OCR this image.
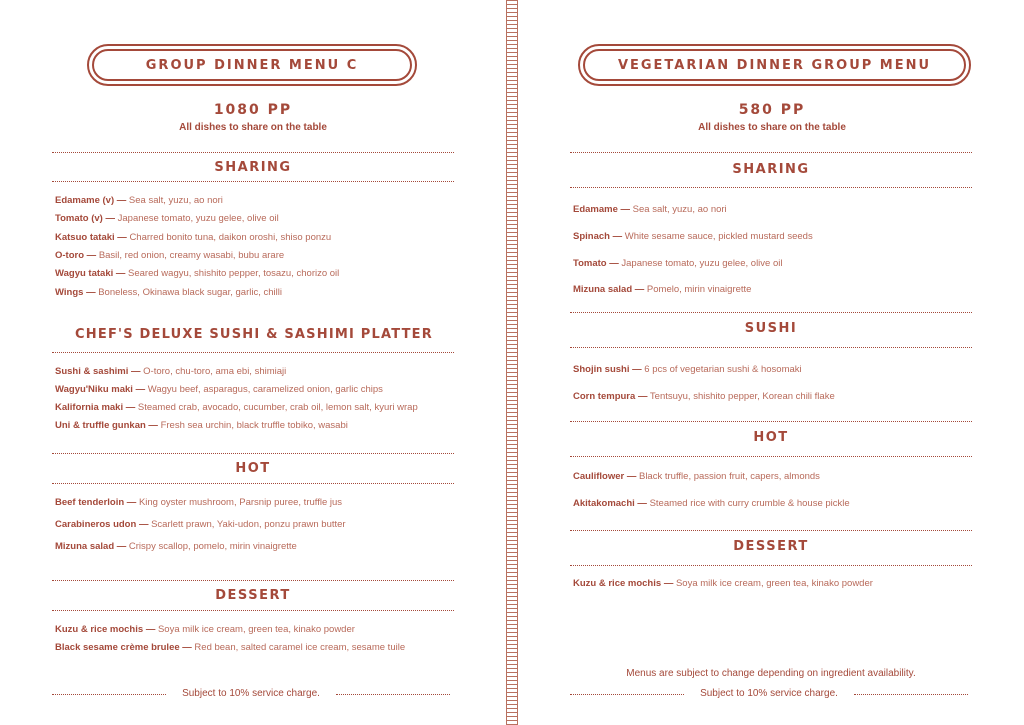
GROUP DINNER MENU C
1080 PP
All dishes to share on the table
SHARING
Edamame (v) — Sea salt, yuzu, ao nori
Tomato (v) — Japanese tomato, yuzu gelee, olive oil
Katsuo tataki — Charred bonito tuna, daikon oroshi, shiso ponzu
O-toro — Basil, red onion, creamy wasabi, bubu arare
Wagyu tataki — Seared wagyu, shishito pepper, tosazu, chorizo oil
Wings — Boneless, Okinawa black sugar, garlic, chilli
CHEF'S DELUXE SUSHI & SASHIMI PLATTER
Sushi & sashimi — O-toro, chu-toro, ama ebi, shimiaji
Wagyu'Niku maki — Wagyu beef, asparagus, caramelized onion, garlic chips
Kalifornia maki — Steamed crab, avocado, cucumber, crab oil, lemon salt, kyuri wrap
Uni & truffle gunkan — Fresh sea urchin, black truffle tobiko, wasabi
HOT
Beef tenderloin — King oyster mushroom, Parsnip puree, truffle jus
Carabineros udon — Scarlett prawn, Yaki-udon, ponzu prawn butter
Mizuna salad — Crispy scallop, pomelo, mirin vinaigrette
DESSERT
Kuzu & rice mochis — Soya milk ice cream, green tea, kinako powder
Black sesame crème brulee — Red bean, salted caramel ice cream, sesame tuile
Subject to 10% service charge.
VEGETARIAN DINNER GROUP MENU
580 PP
All dishes to share on the table
SHARING
Edamame — Sea salt, yuzu, ao nori
Spinach — White sesame sauce, pickled mustard seeds
Tomato — Japanese tomato, yuzu gelee, olive oil
Mizuna salad — Pomelo, mirin vinaigrette
SUSHI
Shojin sushi — 6 pcs of vegetarian sushi & hosomaki
Corn tempura — Tentsuyu, shishito pepper, Korean chili flake
HOT
Cauliflower — Black truffle, passion fruit, capers, almonds
Akitakomachi — Steamed rice with curry crumble & house pickle
DESSERT
Kuzu & rice mochis — Soya milk ice cream, green tea, kinako powder
Menus are subject to change depending on ingredient availability.
Subject to 10% service charge.
